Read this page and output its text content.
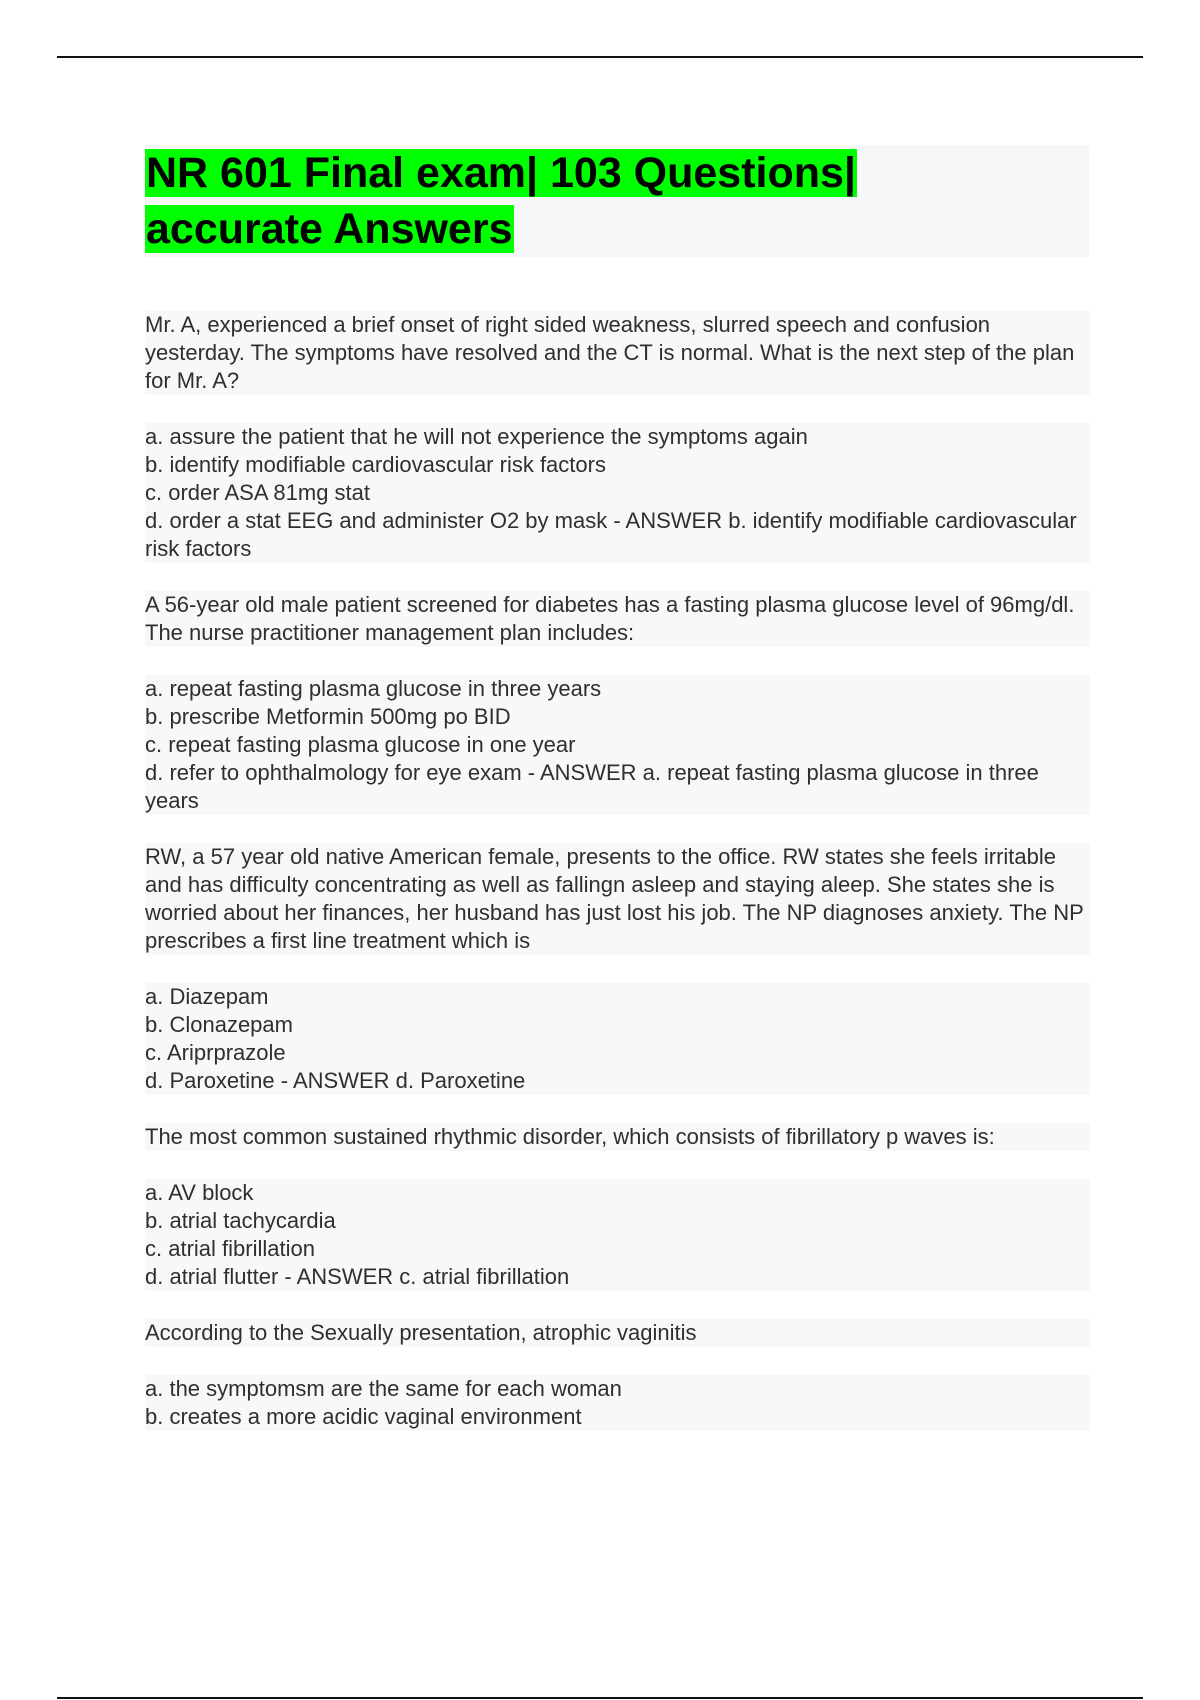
NR 601 Final exam| 103 Questions|
accurate Answers

Mr. A, experienced a brief onset of right sided weakness, slurred speech and confusion yesterday. The symptoms have resolved and the CT is normal. What is the next step of the plan for Mr. A?

a. assure the patient that he will not experience the symptoms again
b. identify modifiable cardiovascular risk factors
c. order ASA 81mg stat
d. order a stat EEG and administer O2 by mask - ANSWER b. identify modifiable cardiovascular risk factors

A 56-year old male patient screened for diabetes has a fasting plasma glucose level of 96mg/dl. The nurse practitioner management plan includes:

a. repeat fasting plasma glucose in three years
b. prescribe Metformin 500mg po BID
c. repeat fasting plasma glucose in one year
d. refer to ophthalmology for eye exam - ANSWER a. repeat fasting plasma glucose in three years

RW, a 57 year old native American female, presents to the office. RW states she feels irritable and has difficulty concentrating as well as fallingn asleep and staying aleep. She states she is worried about her finances, her husband has just lost his job. The NP diagnoses anxiety. The NP prescribes a first line treatment which is

a. Diazepam
b. Clonazepam
c. Ariprprazole
d. Paroxetine - ANSWER d. Paroxetine

The most common sustained rhythmic disorder, which consists of fibrillatory p waves is:

a. AV block
b. atrial tachycardia
c. atrial fibrillation
d. atrial flutter - ANSWER c. atrial fibrillation

According to the Sexually presentation, atrophic vaginitis

a. the symptomsm are the same for each woman
b. creates a more acidic vaginal environment
